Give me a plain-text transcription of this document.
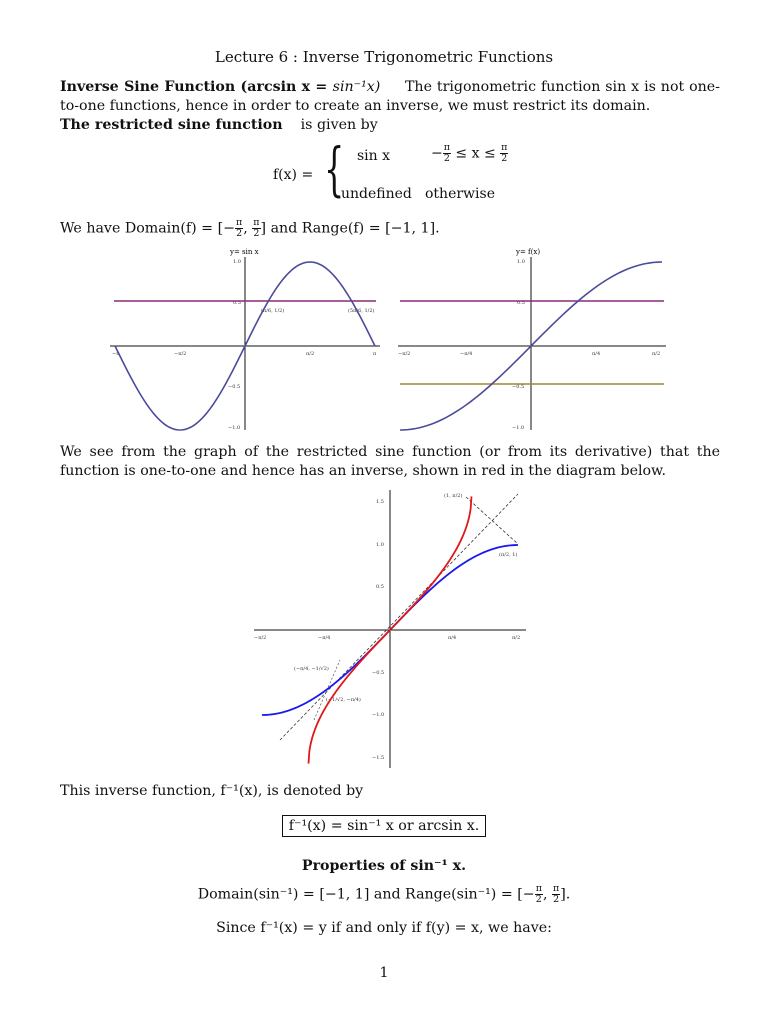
Lecture 6 : Inverse Trigonometric Functions
Inverse Sine Function (arcsin x = sin⁻¹x) The trigonometric function sin x is not one-to-one functions, hence in order to create an inverse, we must restrict its domain.
The restricted sine function is given by
f(x) = { sin x	− $\frac{\pi}{2} \le x \le \frac{\pi}{2}$
undefined otherwise
We have Domain(f) = [− $\frac{\pi}{2}$ , $\frac{\pi}{2}$ ] and Range(f) = [−1, 1].
y= sin x
1.0
0.5
−0.5
−1.0
−π	−π/2	π/2	π
(π/6, 1/2)	(5π/6, 1/2)
y= f(x)
1.0
0.5
−0.5
−1.0
−π/2	−π/4	π/4	π/2
We see from the graph of the restricted sine function (or from its derivative) that the function is one-to-one and hence has an inverse, shown in red in the diagram below.
1.5
1.0
0.5
−0.5
−1.0
−1.5
−π/2	−π/4	π/4	π/2
(1, π/2)
(π/2, 1)
(−π/4, −1/√2)
(−1/√2, −π/4)
This inverse function, f⁻¹(x), is denoted by
f⁻¹(x) = sin⁻¹ x or arcsin x.
Properties of sin⁻¹ x.
Domain(sin⁻¹) = [−1, 1] and Range(sin⁻¹) = [− $\frac{\pi}{2}$ , $\frac{\pi}{2}$ ].
Since f⁻¹(x) = y if and only if f(y) = x, we have:
1
